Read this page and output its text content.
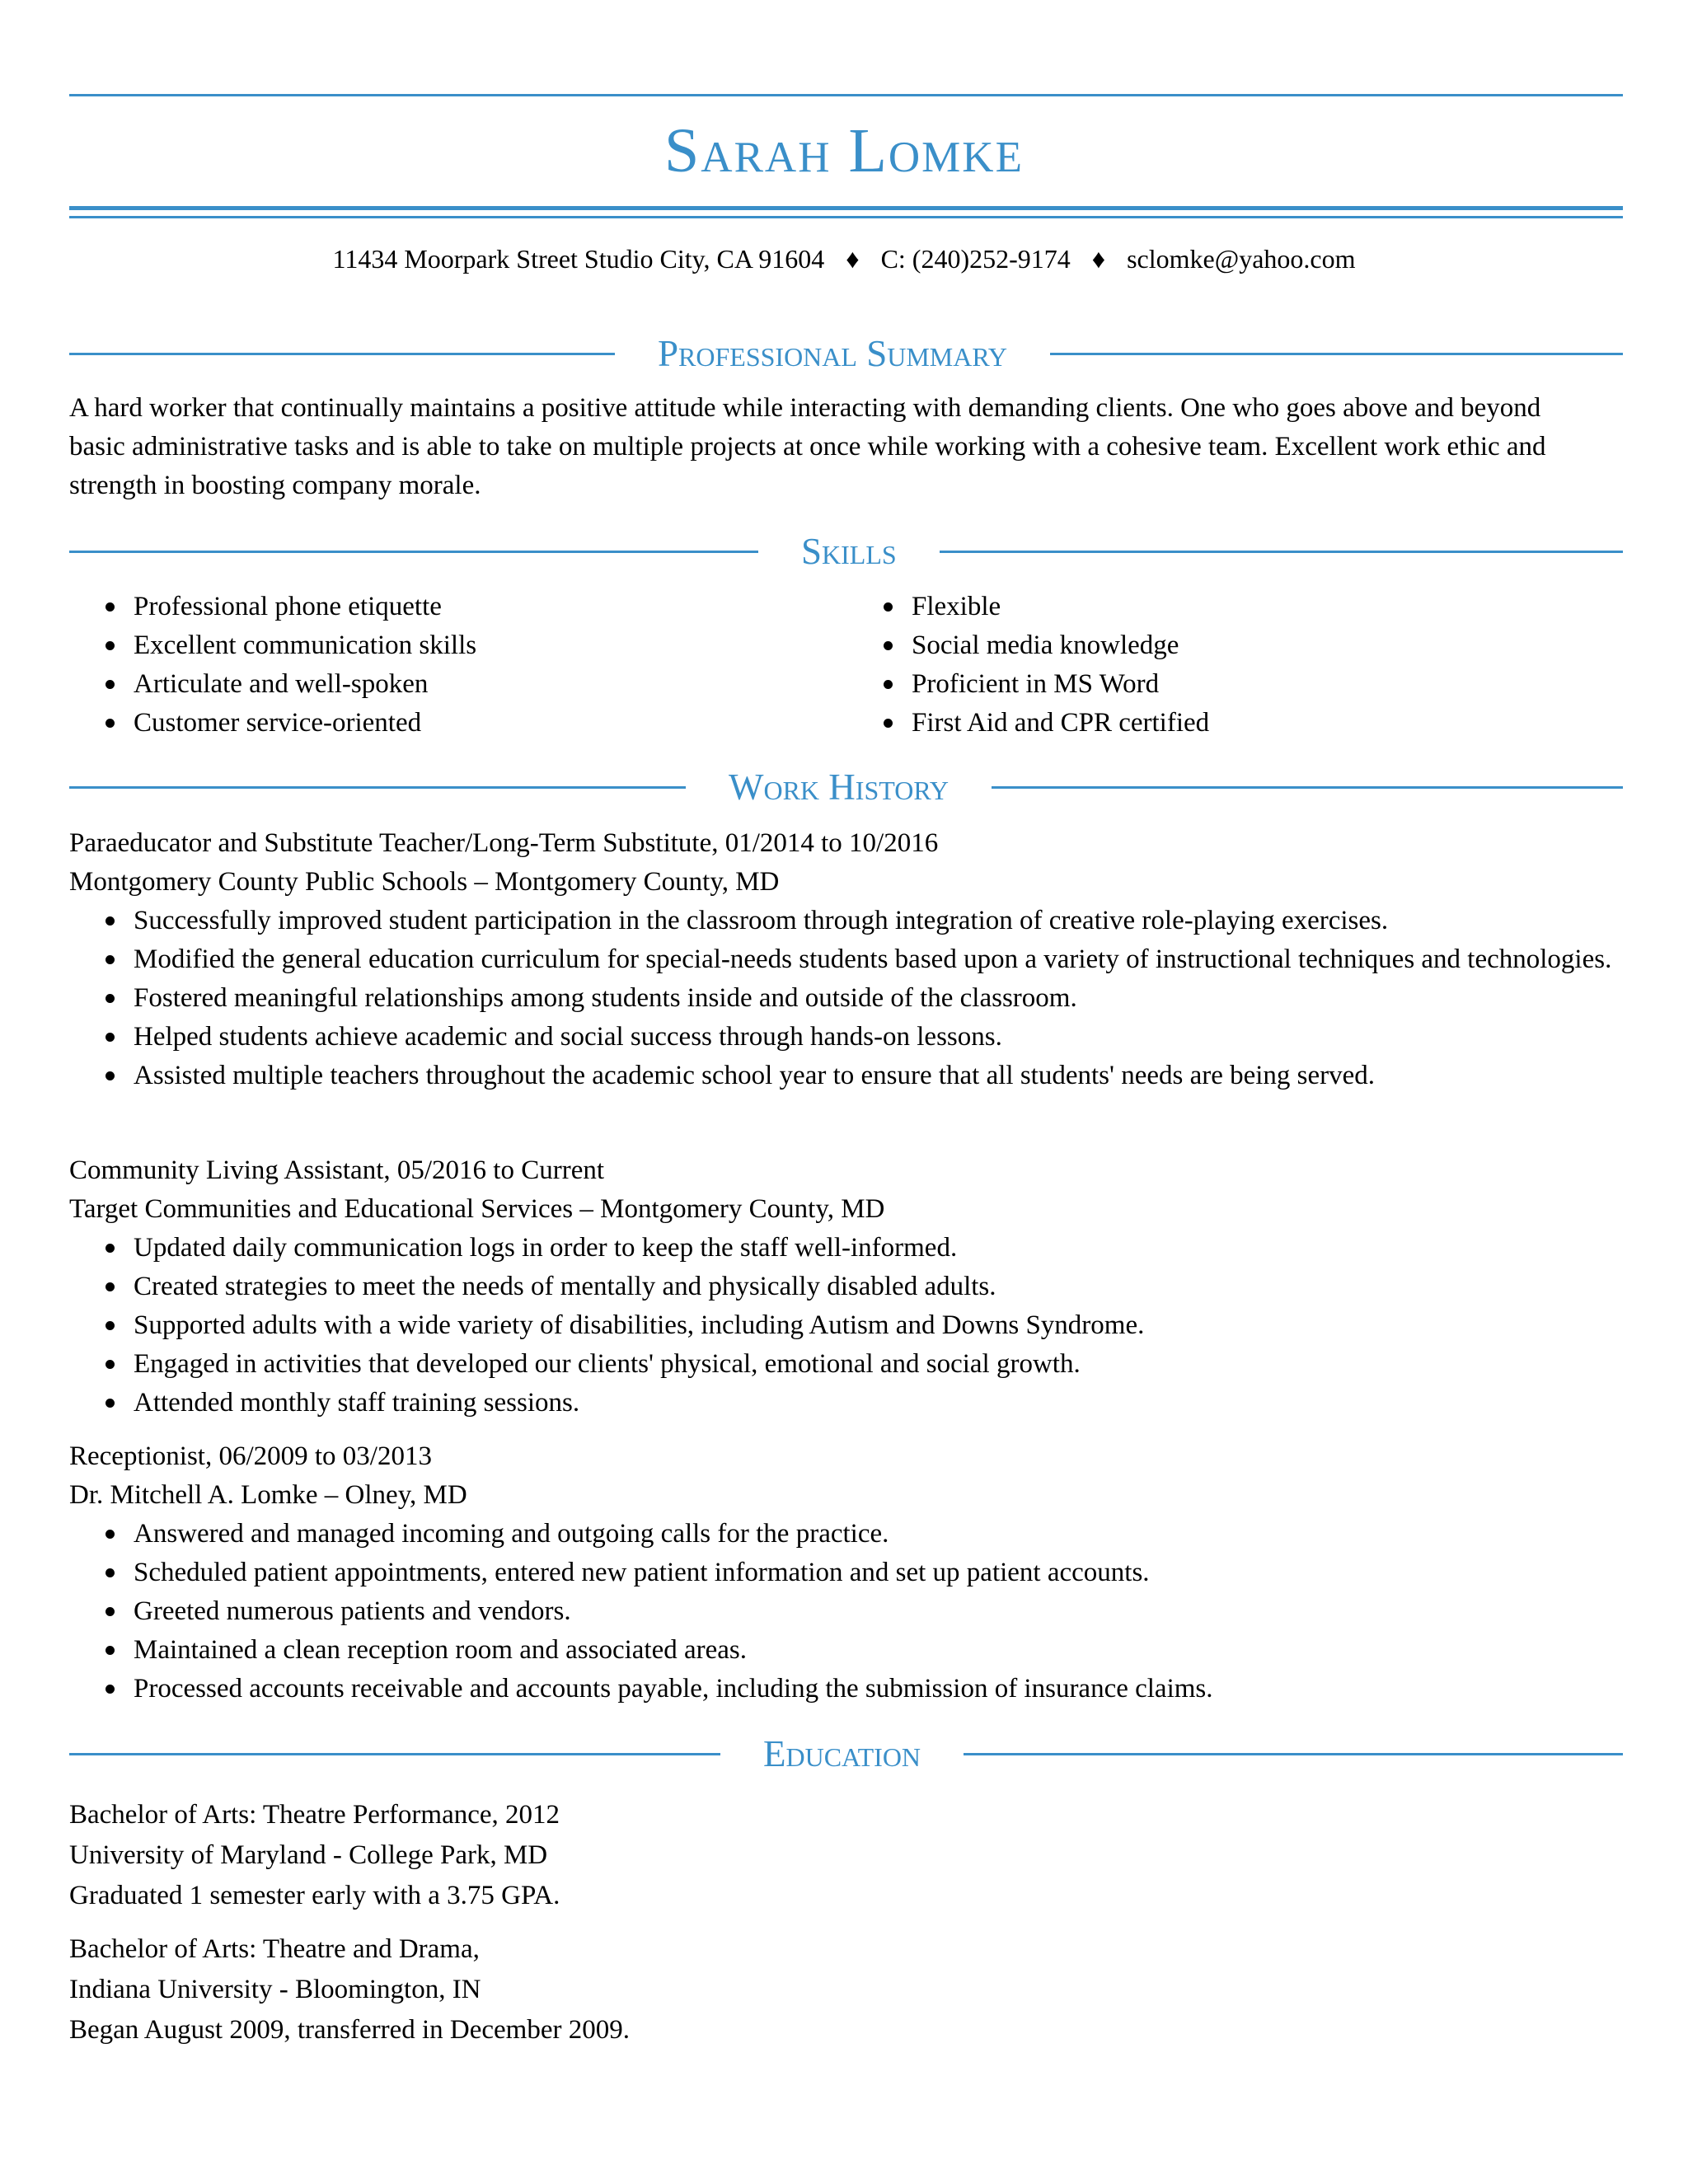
Sarah Lomke
11434 Moorpark Street Studio City, CA 91604 ♦ C: (240)252-9174 ♦ sclomke@yahoo.com
Professional Summary
A hard worker that continually maintains a positive attitude while interacting with demanding clients. One who goes above and beyond basic administrative tasks and is able to take on multiple projects at once while working with a cohesive team. Excellent work ethic and strength in boosting company morale.
Skills
Professional phone etiquette
Excellent communication skills
Articulate and well-spoken
Customer service-oriented
Flexible
Social media knowledge
Proficient in MS Word
First Aid and CPR certified
Work History
Paraeducator and Substitute Teacher/Long-Term Substitute, 01/2014 to 10/2016
Montgomery County Public Schools – Montgomery County, MD
Successfully improved student participation in the classroom through integration of creative role-playing exercises.
Modified the general education curriculum for special-needs students based upon a variety of instructional techniques and technologies.
Fostered meaningful relationships among students inside and outside of the classroom.
Helped students achieve academic and social success through hands-on lessons.
Assisted multiple teachers throughout the academic school year to ensure that all students' needs are being served.
Community Living Assistant, 05/2016 to Current
Target Communities and Educational Services – Montgomery County, MD
Updated daily communication logs in order to keep the staff well-informed.
Created strategies to meet the needs of mentally and physically disabled adults.
Supported adults with a wide variety of disabilities, including Autism and Downs Syndrome.
Engaged in activities that developed our clients' physical, emotional and social growth.
Attended monthly staff training sessions.
Receptionist, 06/2009 to 03/2013
Dr. Mitchell A. Lomke – Olney, MD
Answered and managed incoming and outgoing calls for the practice.
Scheduled patient appointments, entered new patient information and set up patient accounts.
Greeted numerous patients and vendors.
Maintained a clean reception room and associated areas.
Processed accounts receivable and accounts payable, including the submission of insurance claims.
Education
Bachelor of Arts: Theatre Performance, 2012
University of Maryland - College Park, MD
Graduated 1 semester early with a 3.75 GPA.
Bachelor of Arts: Theatre and Drama,
Indiana University - Bloomington, IN
Began August 2009, transferred in December 2009.
